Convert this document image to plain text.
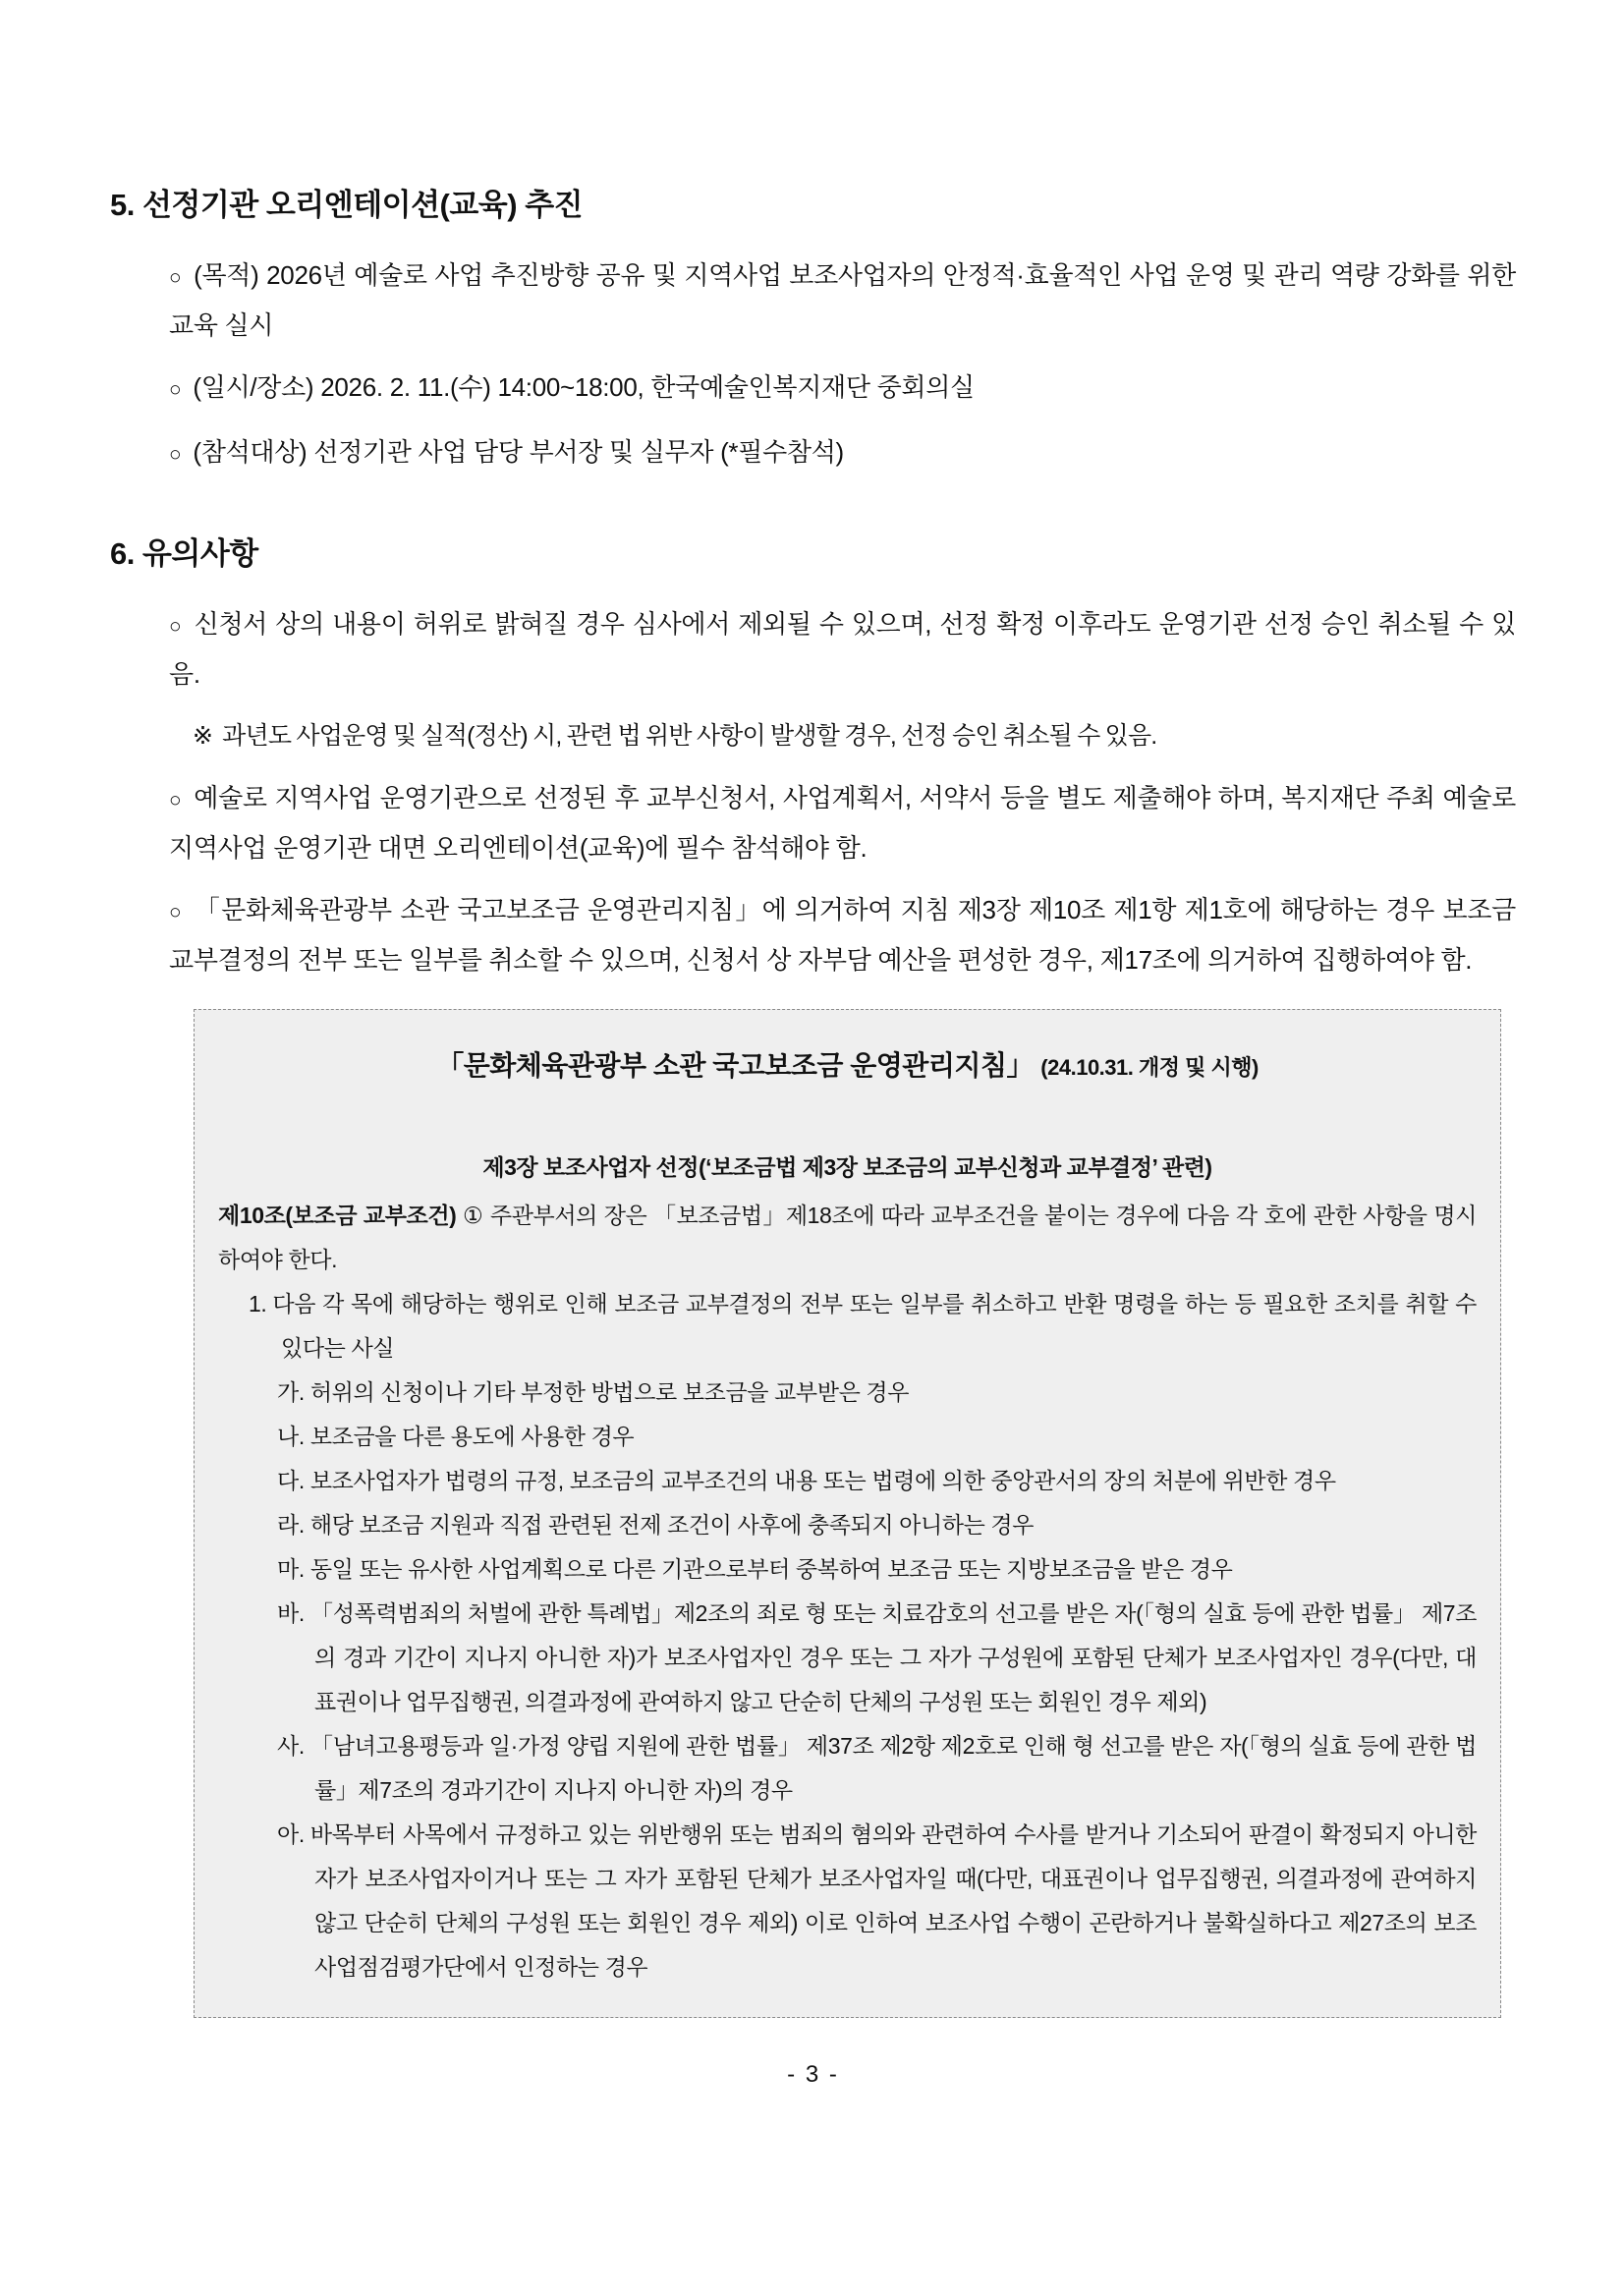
5. 선정기관 오리엔테이션(교육) 추진

○ (목적) 2026년 예술로 사업 추진방향 공유 및 지역사업 보조사업자의 안정적·효율적인 사업 운영 및 관리 역량 강화를 위한 교육 실시

○ (일시/장소) 2026. 2. 11.(수) 14:00~18:00, 한국예술인복지재단 중회의실

○ (참석대상) 선정기관 사업 담당 부서장 및 실무자 (*필수참석)

6. 유의사항

○ 신청서 상의 내용이 허위로 밝혀질 경우 심사에서 제외될 수 있으며, 선정 확정 이후라도 운영기관 선정 승인 취소될 수 있음.

※ 과년도 사업운영 및 실적(정산) 시, 관련 법 위반 사항이 발생할 경우, 선정 승인 취소될 수 있음.

○ 예술로 지역사업 운영기관으로 선정된 후 교부신청서, 사업계획서, 서약서 등을 별도 제출해야 하며, 복지재단 주최 예술로 지역사업 운영기관 대면 오리엔테이션(교육)에 필수 참석해야 함.

○ 「문화체육관광부 소관 국고보조금 운영관리지침」에 의거하여 지침 제3장 제10조 제1항 제1호에 해당하는 경우 보조금 교부결정의 전부 또는 일부를 취소할 수 있으며, 신청서 상 자부담 예산을 편성한 경우, 제17조에 의거하여 집행하여야 함.

「문화체육관광부 소관 국고보조금 운영관리지침」 (24.10.31. 개정 및 시행)

제3장 보조사업자 선정(‘보조금법 제3장 보조금의 교부신청과 교부결정’ 관련)

제10조(보조금 교부조건) ① 주관부서의 장은 「보조금법」제18조에 따라 교부조건을 붙이는 경우에 다음 각 호에 관한 사항을 명시하여야 한다.

1. 다음 각 목에 해당하는 행위로 인해 보조금 교부결정의 전부 또는 일부를 취소하고 반환 명령을 하는 등 필요한 조치를 취할 수 있다는 사실

가. 허위의 신청이나 기타 부정한 방법으로 보조금을 교부받은 경우

나. 보조금을 다른 용도에 사용한 경우

다. 보조사업자가 법령의 규정, 보조금의 교부조건의 내용 또는 법령에 의한 중앙관서의 장의 처분에 위반한 경우

라. 해당 보조금 지원과 직접 관련된 전제 조건이 사후에 충족되지 아니하는 경우

마. 동일 또는 유사한 사업계획으로 다른 기관으로부터 중복하여 보조금 또는 지방보조금을 받은 경우

바. 「성폭력범죄의 처벌에 관한 특례법」제2조의 죄로 형 또는 치료감호의 선고를 받은 자(「형의 실효 등에 관한 법률」 제7조의 경과 기간이 지나지 아니한 자)가 보조사업자인 경우 또는 그 자가 구성원에 포함된 단체가 보조사업자인 경우(다만, 대표권이나 업무집행권, 의결과정에 관여하지 않고 단순히 단체의 구성원 또는 회원인 경우 제외)

사. 「남녀고용평등과 일·가정 양립 지원에 관한 법률」 제37조 제2항 제2호로 인해 형 선고를 받은 자(「형의 실효 등에 관한 법률」제7조의 경과기간이 지나지 아니한 자)의 경우

아. 바목부터 사목에서 규정하고 있는 위반행위 또는 범죄의 혐의와 관련하여 수사를 받거나 기소되어 판결이 확정되지 아니한 자가 보조사업자이거나 또는 그 자가 포함된 단체가 보조사업자일 때(다만, 대표권이나 업무집행권, 의결과정에 관여하지 않고 단순히 단체의 구성원 또는 회원인 경우 제외) 이로 인하여 보조사업 수행이 곤란하거나 불확실하다고 제27조의 보조사업점검평가단에서 인정하는 경우

- 3 -
